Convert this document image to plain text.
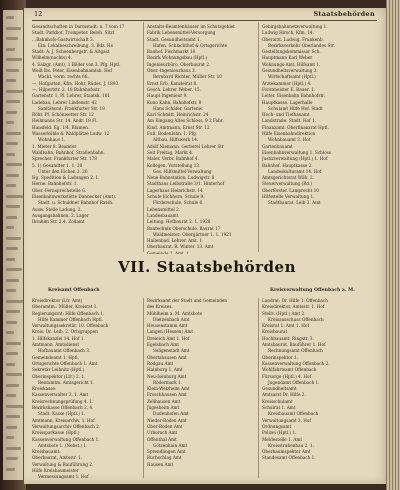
12	Staatsbehörden
Gesandtschaften in Darmstadt: n. 7 vom 17
Stadt. Parkhof. Trompeter. Beloh. Sitzt
…Bahnhofs-Gastwirtschaft 3.
Ein: Lokalbeschreibung. 3. Bdz. Hs
Stadt: A. J. Schoenbergstr. & Altgast
Wilhelm(nachts) 4.
4. Salzgr. (Amt), 1 Bilder von 3. Pfg. Hptl.
Weiß lbs. Peter, Eisenbahnamtsb. Hof
Wacht. vorm. rechts 66.
—, Hofgarten, Kfm. Hohr, Rüdes, J. 1893.
—, Hilpertstr. 2. 18 Bahnhofsstr.
Gartenstr. 1, Pl. Lehrer, Staatsk. 101
Ladebau, Lehrer Lindenstr. 42
Sanitätsrat: Frankfurter Str. 19
Röhr. Pf. Schönwetter Str. 12
Heilmanns Str. 14. Andr. 18 Fl.
Hausfeld. Eg. 1/4. Blumen.
Wasserkühle & Waldplätze Ludw. 12
Wohnhaus 1.
1. Mieter 8. Beamter
Waldbahn, Bahnhof, Straßenbahn.
Sprecher. Frankfurter Str. 178
5. 1) Gesandter 1. 1. 20
Unter den Eichen 2. 20
Hg. Spedition & Ladungen 2. 1.
Herne. Bahnhofstr. 1.
Ober.-Fernsprechstelle G.
Eisenbahnwerkstätte Dannecker (Amt).
Stadt. u. Schuldner Bahnhof Ratsh.
Ausw. Stelle Ladung. 2.
Ausgangsbahnen. 2. Lager
Ibrahim Str. 2.4. Zollamt
Anstalts-Beamtenhäuser im Schutzgebiet
Fabrik Lebensmittel-Versorgung
Stadt. Gesundheitsamt 1.
Hafen. Schlachthof & Ortsgerichte
Bauhof. Fischmarkt 10
Bezirk Wohnungsbau (Hptl.)
Ingenieurbüro. Oberbaurat 2.
Ober.-Ingenieurhaus 3.
Bernhard Richter, Müller Str. 10
Ernst Erb, Kanzleirat 8.
Gesch. Lehrer Weber. 15.
Haupt Ingenieur 9.
Kuno Kahn, Bahnhofstr. 8
Hans Schäfer, Gartenw.
Karl Schmitt, Heinrichstr. 24
Am Eingang Altes Schloss, 9 2 Fabr.
Kind. Amtmann, Ernst Str. 12
Fuß. Bodenlohn. 1. Pfg.
Altbau. Hilfswerk 14.
Adolf Niemann. Gerberei Lehrer Str
Seit Freitag, Markt 4.
Maler. Verbr. Bahnhof 4.
Kollegen. Vorstellung 13.
Ges. Hilfsmittel-Verwaltung
Neue Bahnstation, Ludwigstr. 8
Stadthaus Leibstraße 3/1. Hinterhof
Lagerhaus Heinrichstr. 14
Schule Eichhorn, Schule 9.
Förderschule, Schule 6.
Lebensmittel 2.
Landesbauamt
Leitung. Hofbaurat 2. 1. 1928
Bautechnik Oberschule. Baurat 17
Waldmeister: Obergärtner 1. 1. 1921
Hallenbad. Lehrer. Amt. 1.
Oberbaurat. R. Winter. 13. Amt
Gemeinde 2. Amt. 1.
Gebirgsbahnnetzverwaltung 1.
Ludwig Hirsch, Kfm. 14.
Oberarzt. Ludwig, Frankenb.
Bezirksverkehr Oberlandes Str.
Gestellungskommissar Sch.
Hauptmann Karl Weber
Wohnungs-Amt. Hilfsamt 1.
Gesundheitsverwaltung 3.
Wirtschaftsamt (Hptl.)
Ärztekammer (Hptl.) 4.
Forstmeister E. Bauer. 1.
Leiter. Eisenbahn Bahnhofstr.
Hauptkasse. Lagerhalle
Schulamt Hilfe Hof. Stadt
Hoch- und Tiefbauamt
Landstraße. Stadt. Hof 1.
Finanzamt. Oberfinanzrat Hptl.
Hilfe Eisenbahndirektion
Wohnbauamt 3. Hof
Gartenbauamt
Eisenbahnverwaltung 1. Schloss
Justizverwaltung (Hptl.) 1. Hof
Bahnhof. Hauptkasse 2.
Landeskulturamt 14. Hof
Amtsgerichtsrat Wilh. 2.
Steuerverwaltung (Rd.)
Oberförster. Lamprecht 10
Hilfsstelle Verwaltung 1.
Stadtbaurat. Leib 3. Amt
VII. Staatsbehörden
Kreisamt Offenbach	Kreisverwaltung Offenbach a. M.
Kreisdirektor (Ltr. Amt)
Oberamtm.: Müller, Kreisrat 1.
Regierungsrat: Hilfe Offenbach 1.
Hilfe Kammer Offenbach Hptl.
Verwaltungssekretär. 10. Offenbach
Kreis. Dr. Leib. 2. Ortsgruppen
1. Hilfskanzlei 14. Hof 1.
Amtmann. Amtsdienst
Hofbauamt Offenbach 3.
Gemeindeamt 1. Hptl.
Ortsgerichte Offenbach 1. Amt
Sekretär Leibnitz (Hptl.)
Oberinspektor (Ltr.) 2. 1.
Rentamtm. Amtsgericht 1.
Kreiskasse:
Kassenverwalter 3. 1. Amt
Kreisrechnungsprüfung 4. 1.
Bezirkskasse Offenbach 2. 4.
Stadt. Kasse (Hptl.) 1.
Amtmann, Kreisarchiv. 1. Hof
Verwaltungsarchiv Offenbach 2.
Kreissparkasse (Hptl.)
Kassenverwaltung Offenbach 1.
Amtsbote 1. (Nebst.) 1.
Kreisbauamt:
Oberbaurat, Amtsstr. 1.
Verwaltung & Bauführung 2.
Hilfe Kreisbaumeister
Vermessungsamt 1. Hof
Bezirksamt der Stadt und Gemeinden
des Kreises.
Mühlheim a. M. Amtsbote
Dietzenbach Amt
Heusenstamm Amt
Langen (Hessen) Amt
Dreieich Amt 1. Hof
Egelsbach Amt
Seligenstadt Amt
Obertshausen Amt
Rodgau Amt
Hainburg 1. Amt
Neu-Isenburg Amt
Rödermark 1.
Klein-Welzheim Amt
Froschhausen Amt
Zellhausen Amt
Jügesheim Amt
Dudenhofen Amt
Nieder-Roden Amt
Ober-Roden Amt
Urberach Amt
Offenthal Amt
Götzenhain Amt
Sprendlingen Amt
Buchschlag Amt
Hausen Amt
Landrat: Dr. Hilfe 1. Offenbach
Kreisdirektor, Amtsstr. 1. Hof
Stellv. (Hptl.) Amt 2.
Kreisausschuss Offenbach
Kreisrat 1. Amt 1. Hof
Kreisbaurat
Hochbauamt: Ringstr. 3.
Amtsbaurat. Bauführer 1. Hof
Rechnungsamt Offenbach
Oberinspektor 1.
Kassenverwaltung Offenbach 2.
Wohlfahrtsamt Offenbach
Fürsorge (Hptl.) 4. Hof
Jugendamt Offenbach 1.
Gesundheitsamt
Amtsarzt Dr. Hilfe 2.
Kreisschulamt
Schulrat 1. Amt
Kreisbauamt Offenbach
Verwaltungsamt 3. Hof
Ordnungsamt
Polizei (Hptl.) 1.
Meldestelle 1. Amt
Kreisstraßenbau 2. 1.
Oberbauinspektor Amt
Standesamt Offenbach 1.
